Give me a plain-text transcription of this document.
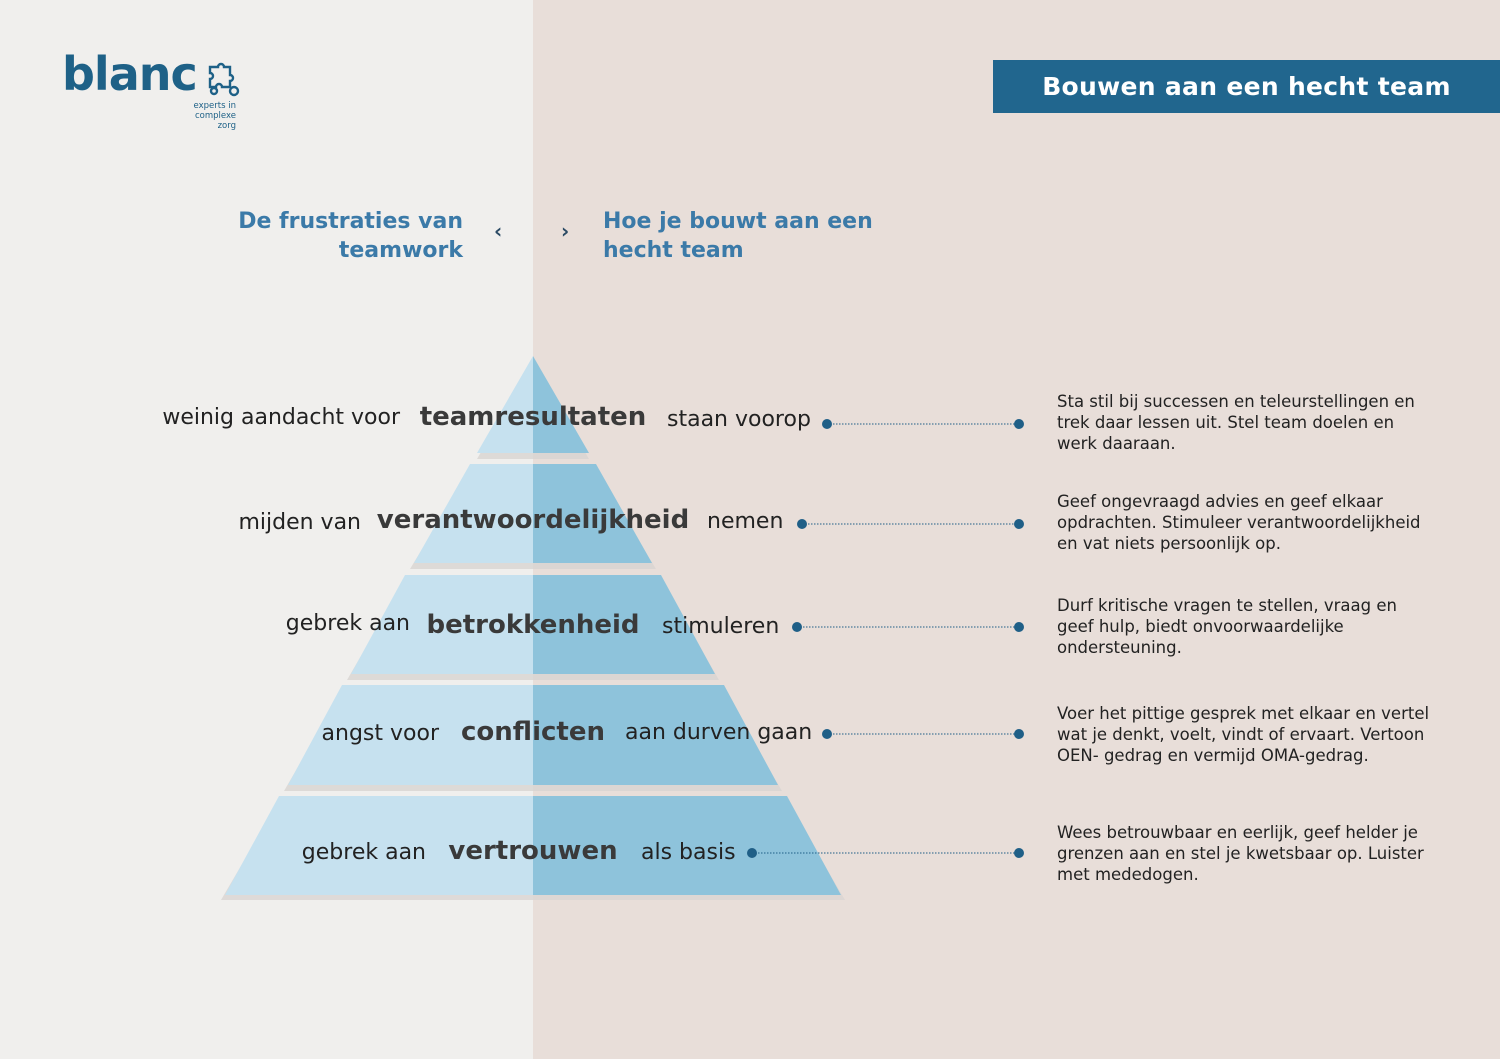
blanc
experts in
complexe zorg
Bouwen aan een hecht team
De frustraties van teamwork
‹	› Hoe je bouwt aan een hecht team
weinig aandacht voor teamresultaten staan voorop
Sta stil bij successen en teleurstellingen en trek daar lessen uit. Stel team doelen en werk daaraan.
mijden van verantwoordelijkheid nemen
Geef ongevraagd advies en geef elkaar opdrachten. Stimuleer verantwoordelijkheid en vat niets persoonlijk op.
gebrek aan betrokkenheid	stimuleren
Durf kritische vragen te stellen, vraag en geef hulp, biedt onvoorwaardelijke ondersteuning.
angst voor conflicten aan durven gaan
Voer het pittige gesprek met elkaar en vertel wat je denkt, voelt, vindt of ervaart. Vertoon OEN- gedrag en vermijd OMA-gedrag.
gebrek aan vertrouwen	als basis
Wees betrouwbaar en eerlijk, geef helder je grenzen aan en stel je kwetsbaar op. Luister met mededogen.
